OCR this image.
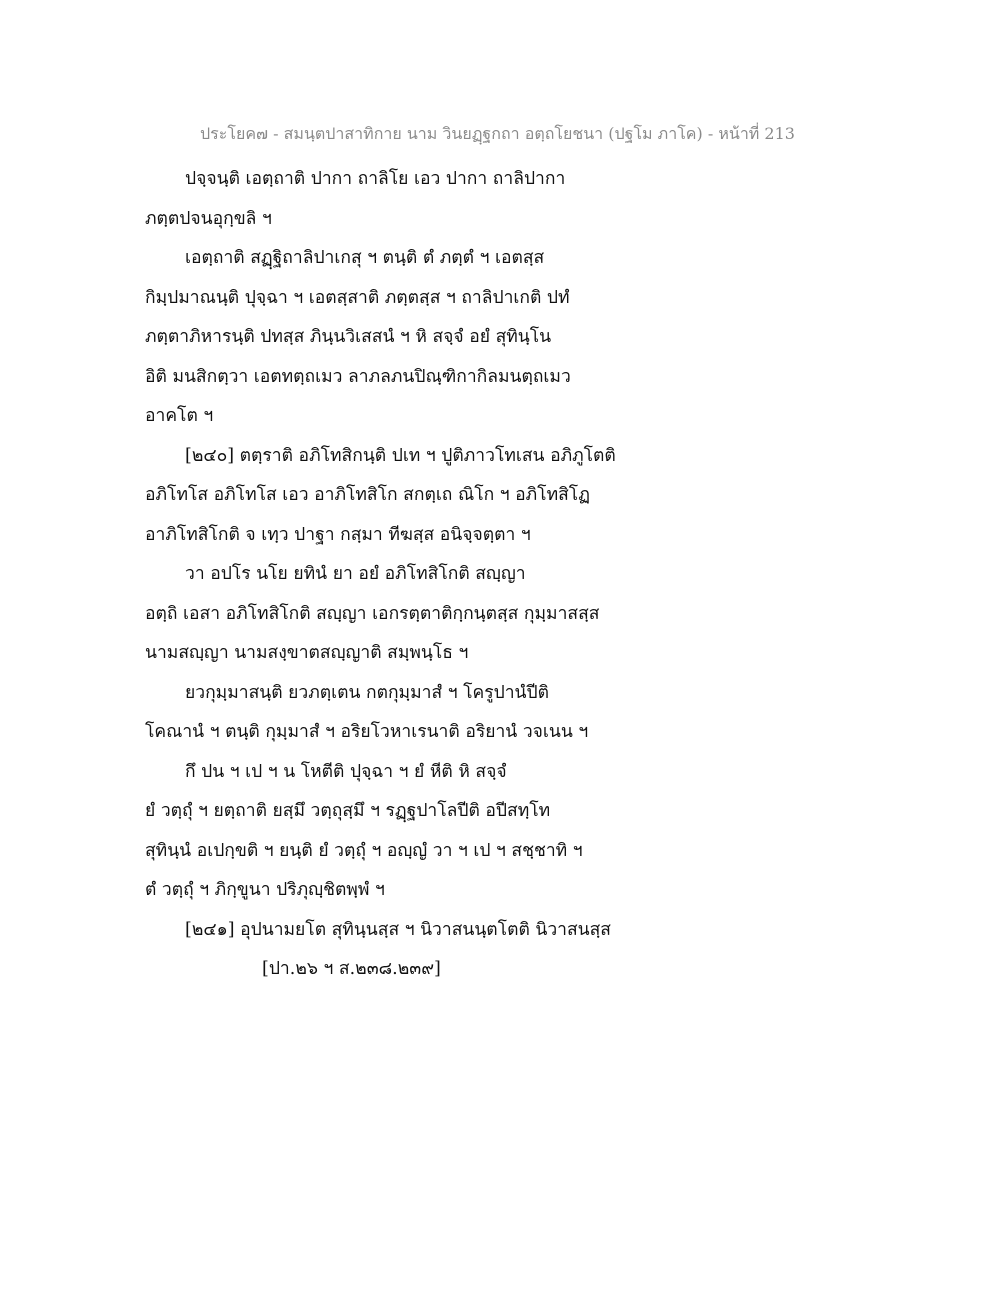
ประโยค๗ - สมนฺตปาสาทิกาย นาม วินยฏฺฐกถา อตฺถโยชนา (ปฐโม ภาโค) - หน้าที่ 213
ปจฺจนฺติ เอตฺถาติ ปากา ถาลิโย เอว ปากา ถาลิปากา
ภตฺตปจนอุกฺขลิ ฯ
เอตฺถาติ สฏฺฐิถาลิปาเกสุ ฯ ตนฺติ ตํ ภตฺตํ ฯ เอตสฺส
กิมฺปมาณนฺติ ปุจฺฉา ฯ เอตสฺสาติ ภตฺตสฺส ฯ ถาลิปาเกติ ปทํ
ภตฺตาภิหารนฺติ ปทสฺส ภินฺนวิเสสนํ ฯ หิ สจฺจํ อยํ สุทินฺโน
อิติ มนสิกตฺวา เอตทตฺถเมว ลาภลภนปิณฺฑิกากิลมนตฺถเมว
อาคโต ฯ
[๒๔๐] ตตฺราติ อภิโทสิกนฺติ ปเท ฯ ปูติภาวโทเสน อภิภูโตติ
อภิโทโส อภิโทโส เอว อาภิโทสิโก สกตฺเถ ณิโก ฯ อภิโทสิโฏ
อาภิโทสิโกติ จ เทฺว ปาฐา กสฺมา ทีฆสฺส อนิจฺจตฺตา ฯ
วา อปโร นโย ยทินํ ยา อยํ อภิโทสิโกติ สญฺญา
อตฺถิ เอสา อภิโทสิโกติ สญฺญา เอกรตฺตาติกฺกนฺตสฺส กุมฺมาสสฺส
นามสญฺญา นามสงฺขาตสญฺญาติ สมฺพนฺโธ ฯ
ยวกุมฺมาสนฺติ ยวภตฺเตน กตกุมฺมาสํ ฯ โครูปานํปีติ
โคณานํ ฯ ตนฺติ กุมฺมาสํ ฯ อริยโวหาเรนาติ อริยานํ วจเนน ฯ
กึ ปน ฯ เป ฯ น โหตีติ ปุจฺฉา ฯ ยํ หีติ หิ สจฺจํ
ยํ วตฺถุํ ฯ ยตฺถาติ ยสฺมึ วตฺถุสฺมึ ฯ รฏฺฐปาโลปีติ อปีสทฺโท
สุทินฺนํ อเปกฺขติ ฯ ยนฺติ ยํ วตฺถุํ ฯ อญฺญํ วา ฯ เป ฯ สชฺชาทิ ฯ
ตํ วตฺถุํ ฯ ภิกฺขูนา ปริภุญฺชิตพฺพํ ฯ
[๒๔๑] อุปนามยโต สุทินฺนสฺส ฯ นิวาสนนฺตโตติ นิวาสนสฺส
[ปา.๒๖ ฯ ส.๒๓๘.๒๓๙]
